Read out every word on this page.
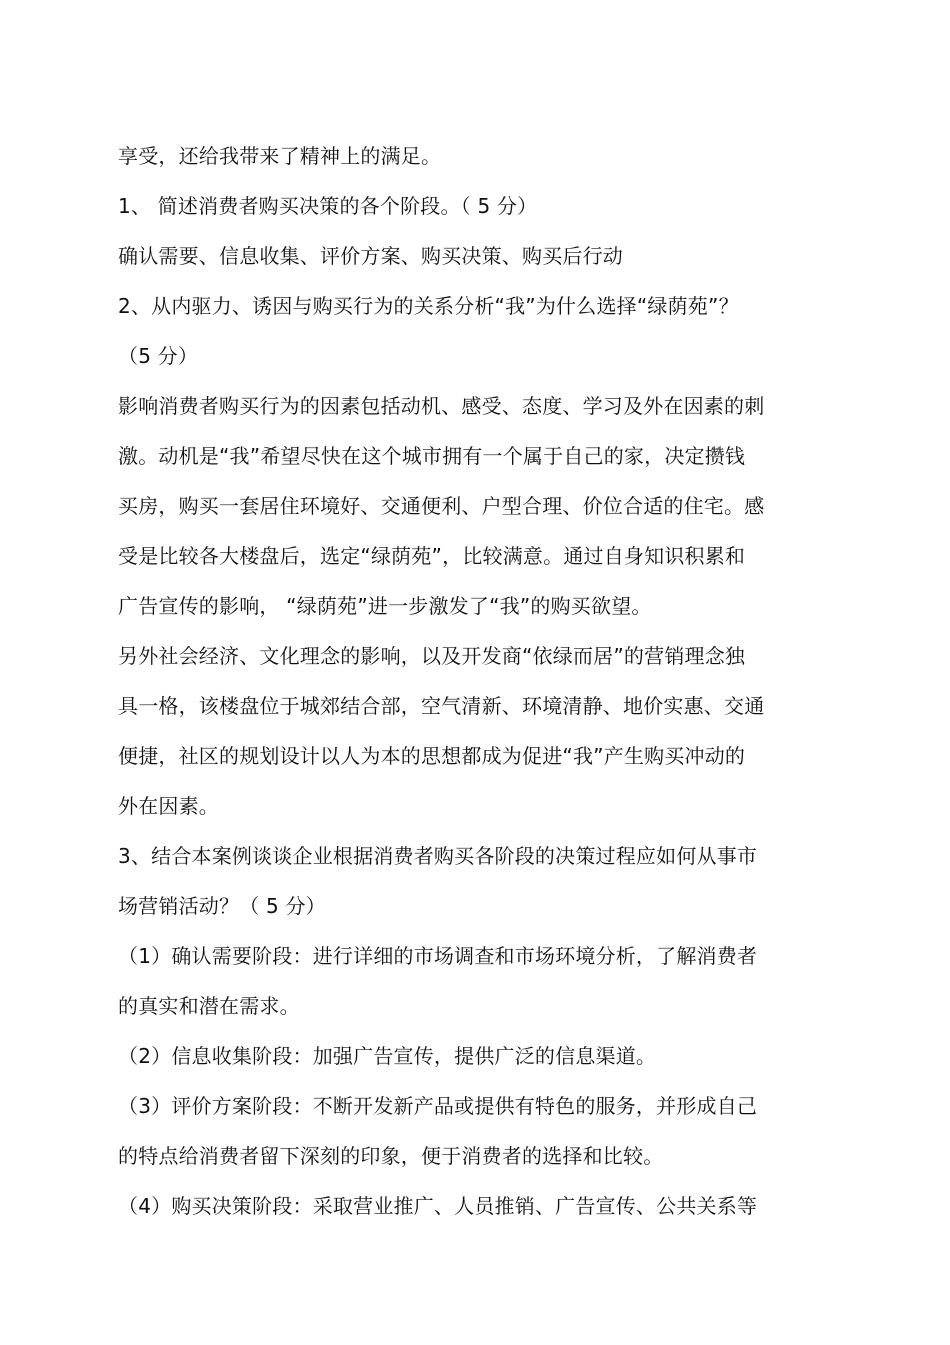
享受，还给我带来了精神上的满足。
1、 简述消费者购买决策的各个阶段。（ 5 分）
确认需要、信息收集、评价方案、购买决策、购买后行动
2、从内驱力、诱因与购买行为的关系分析“我”为什么选择“绿荫苑”？
（5 分）
影响消费者购买行为的因素包括动机、感受、态度、学习及外在因素的刺
激。动机是“我”希望尽快在这个城市拥有一个属于自己的家，决定攒钱
买房，购买一套居住环境好、交通便利、户型合理、价位合适的住宅。感
受是比较各大楼盘后，选定“绿荫苑”，比较满意。通过自身知识积累和
广告宣传的影响， “绿荫苑”进一步激发了“我”的购买欲望。
另外社会经济、文化理念的影响，以及开发商“依绿而居”的营销理念独
具一格，该楼盘位于城郊结合部，空气清新、环境清静、地价实惠、交通
便捷，社区的规划设计以人为本的思想都成为促进“我”产生购买冲动的
外在因素。
3、结合本案例谈谈企业根据消费者购买各阶段的决策过程应如何从事市
场营销活动？（ 5 分）
（1）确认需要阶段：进行详细的市场调查和市场环境分析，了解消费者
的真实和潜在需求。
（2）信息收集阶段：加强广告宣传，提供广泛的信息渠道。
（3）评价方案阶段：不断开发新产品或提供有特色的服务，并形成自己
的特点给消费者留下深刻的印象，便于消费者的选择和比较。
（4）购买决策阶段：采取营业推广、人员推销、广告宣传、公共关系等
